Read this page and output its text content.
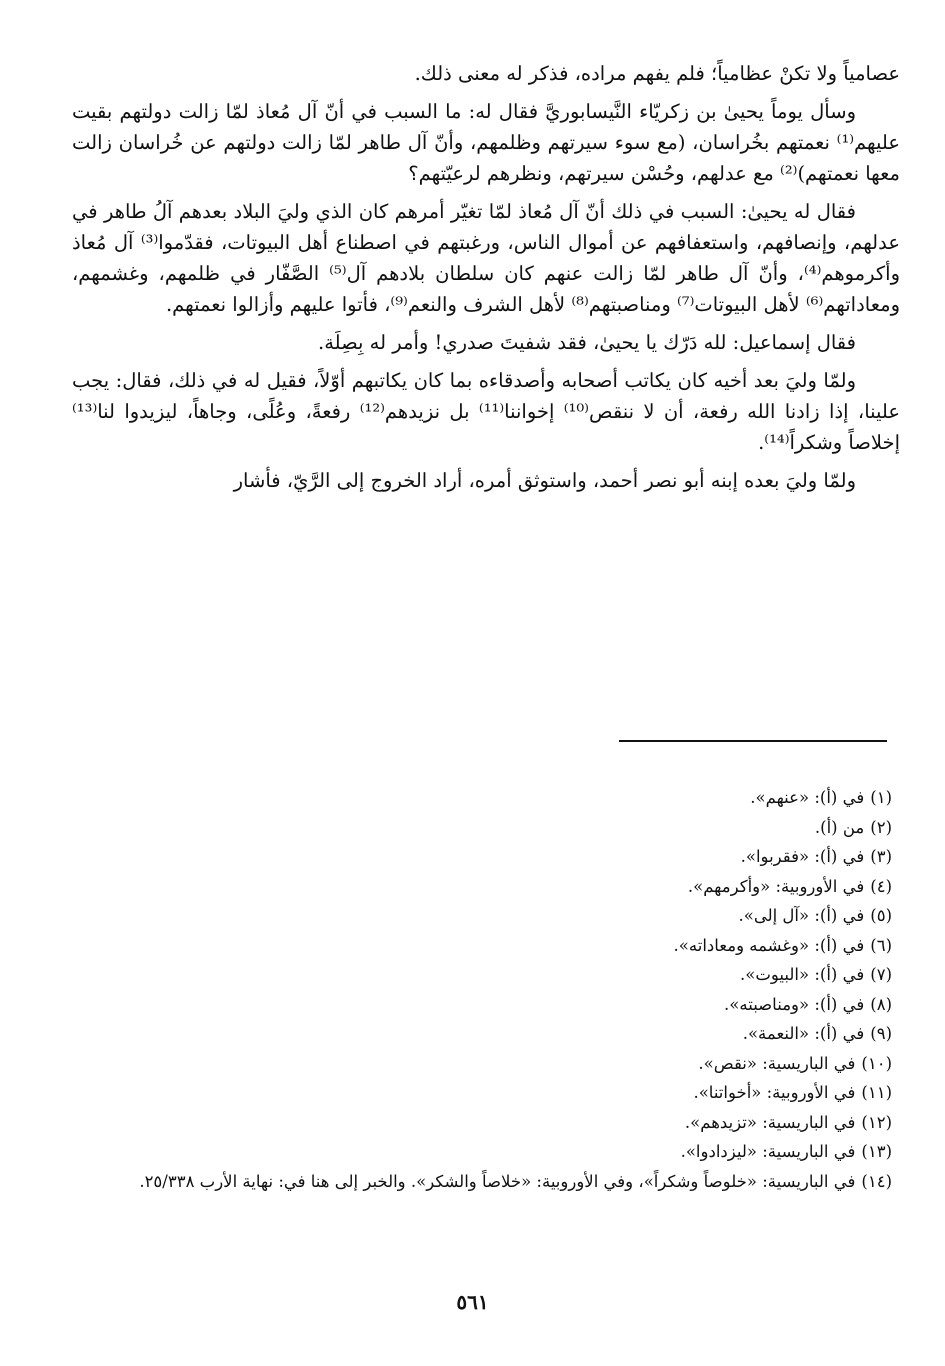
عصامياً ولا تكنْ عظامياً؛ فلم يفهم مراده، فذكر له معنى ذلك.

وسأل يوماً يحيىٰ بن زكريّاء النَّيسابوريَّ فقال له: ما السبب في أنّ آل مُعاذ لمّا زالت دولتهم بقيت عليهم⁽¹⁾ نعمتهم بخُراسان، (مع سوء سيرتهم وظلمهم، وأنّ آل طاهر لمّا زالت دولتهم عن خُراسان زالت معها نعمتهم)⁽²⁾ مع عدلهم، وحُسْن سيرتهم، ونظرهم لرعيّتهم؟

فقال له يحيىٰ: السبب في ذلك أنّ آل مُعاذ لمّا تغيّر أمرهم كان الذي وليَ البلاد بعدهم آلُ طاهر في عدلهم، وإنصافهم، واستعفافهم عن أموال الناس، ورغبتهم في اصطناع أهل البيوتات، فقدّموا⁽³⁾ آل مُعاذ وأكرموهم⁽⁴⁾، وأنّ آل طاهر لمّا زالت عنهم كان سلطان بلادهم آل⁽⁵⁾ الصَّفّار في ظلمهم، وغشمهم، ومعاداتهم⁽⁶⁾ لأهل البيوتات⁽⁷⁾ ومناصبتهم⁽⁸⁾ لأهل الشرف والنعم⁽⁹⁾، فأتوا عليهم وأزالوا نعمتهم.

فقال إسماعيل: لله دَرّك يا يحيىٰ، فقد شفيتَ صدري! وأمر له بِصِلَة.

ولمّا وليَ بعد أخيه كان يكاتب أصحابه وأصدقاءه بما كان يكاتبهم أوّلاً، فقيل له في ذلك، فقال: يجب علينا، إذا زادنا الله رفعة، أن لا ننقص⁽¹⁰⁾ إخواننا⁽¹¹⁾ بل نزيدهم⁽¹²⁾ رفعةً، وعُلًى، وجاهاً، ليزيدوا لنا⁽¹³⁾ إخلاصاً وشكراً⁽¹⁴⁾.

ولمّا وليَ بعده إبنه أبو نصر أحمد، واستوثق أمره، أراد الخروج إلى الرَّيّ، فأشار

(١)في (أ): «عنهم».
(٢)من (أ).
(٣)في (أ): «فقربوا».
(٤)في الأوروبية: «وأكرمهم».
(٥)في (أ): «آل إلى».
(٦)في (أ): «وغشمه ومعاداته».
(٧)في (أ): «البيوت».
(٨)في (أ): «ومناصبته».
(٩)في (أ): «النعمة».
(١٠)في الباريسية: «نقص».
(١١)في الأوروبية: «أخواتنا».
(١٢)في الباريسية: «تزيدهم».
(١٣)في الباريسية: «ليزدادوا».
(١٤)في الباريسية: «خلوصاً وشكراً»، وفي الأوروبية: «خلاصاً والشكر». والخبر إلى هنا في: نهاية الأرب ٢٥/٣٣٨.
٥٦١
